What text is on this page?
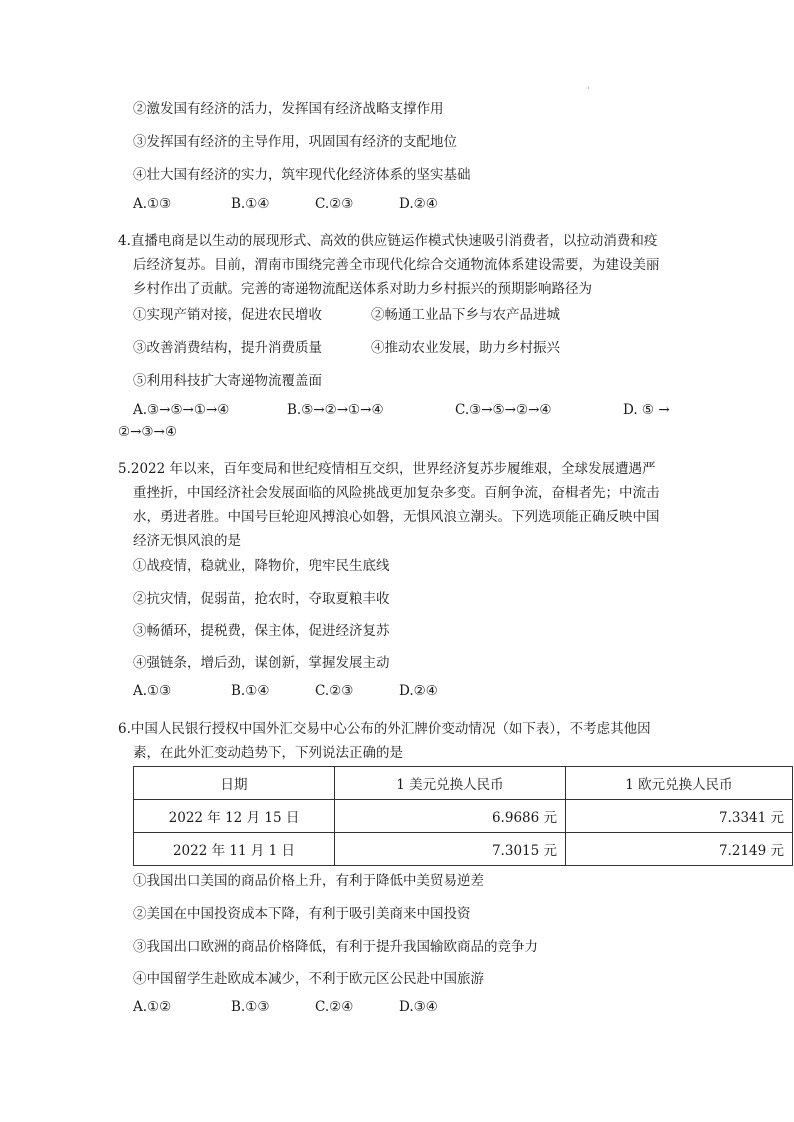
·
②激发国有经济的活力，发挥国有经济战略支撑作用
③发挥国有经济的主导作用，巩固国有经济的支配地位
④壮大国有经济的实力，筑牢现代化经济体系的坚实基础
A.①③	B.①④	C.②③	D.②④
4.直播电商是以生动的展现形式、高效的供应链运作模式快速吸引消费者，以拉动消费和疫
后经济复苏。目前，渭南市围绕完善全市现代化综合交通物流体系建设需要，为建设美丽
乡村作出了贡献。完善的寄递物流配送体系对助力乡村振兴的预期影响路径为
①实现产销对接，促进农民增收	②畅通工业品下乡与农产品进城
③改善消费结构，提升消费质量	④推动农业发展，助力乡村振兴
⑤利用科技扩大寄递物流覆盖面
A.③→⑤→①→④	B.⑤→②→①→④	C.③→⑤→②→④	D. ⑤ →
②→③→④
5.2022 年以来，百年变局和世纪疫情相互交织，世界经济复苏步履维艰，全球发展遭遇严
重挫折，中国经济社会发展面临的风险挑战更加复杂多变。百舸争流，奋楫者先；中流击
水，勇进者胜。中国号巨轮迎风搏浪心如磐，无惧风浪立潮头。下列选项能正确反映中国
经济无惧风浪的是
①战疫情，稳就业，降物价，兜牢民生底线
②抗灾情，促弱苗，抢农时，夺取夏粮丰收
③畅循环，提税费，保主体，促进经济复苏
④强链条，增后劲，谋创新，掌握发展主动
A.①③	B.①④	C.②③	D.②④
6.中国人民银行授权中国外汇交易中心公布的外汇牌价变动情况（如下表），不考虑其他因
素，在此外汇变动趋势下，下列说法正确的是
日期	1 美元兑换人民币	1 欧元兑换人民币
2022 年 12 月 15 日	6.9686 元	7.3341 元
2022 年 11 月 1 日	7.3015 元	7.2149 元
①我国出口美国的商品价格上升，有利于降低中美贸易逆差
②美国在中国投资成本下降，有利于吸引美商来中国投资
③我国出口欧洲的商品价格降低，有利于提升我国输欧商品的竞争力
④中国留学生赴欧成本减少，不利于欧元区公民赴中国旅游
A.①②	B.①③	C.②④	D.③④
